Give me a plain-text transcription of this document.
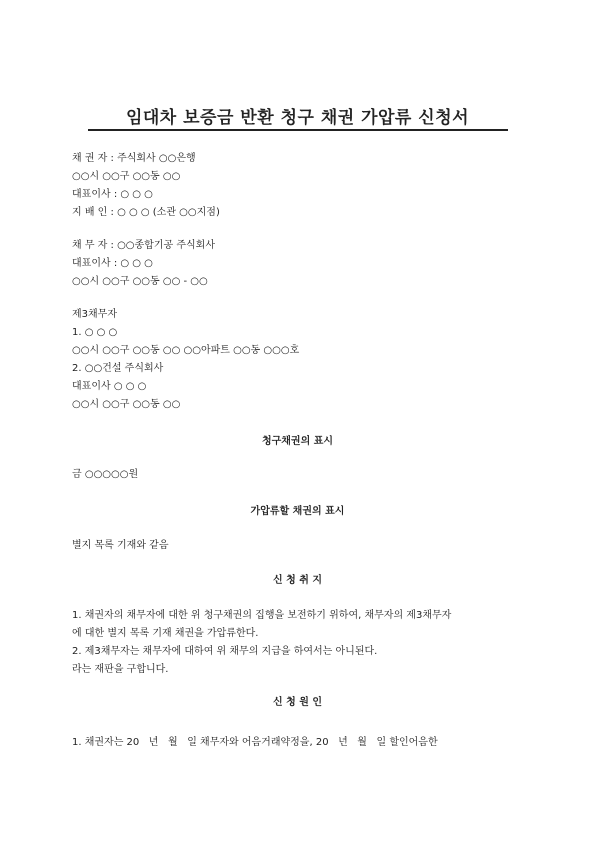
임대차 보증금 반환 청구 채권 가압류 신청서
채 권 자 : 주식회사 ○○은행
○○시 ○○구 ○○동 ○○
대표이사 : ○ ○ ○
지 배 인 : ○ ○ ○ (소관 ○○지점)
채 무 자 : ○○종합기공 주식회사
대표이사 : ○ ○ ○
○○시 ○○구 ○○동 ○○ - ○○
제3채무자
1. ○ ○ ○
○○시 ○○구 ○○동 ○○ ○○아파트 ○○동 ○○○호
2. ○○건설 주식회사
대표이사 ○ ○ ○
○○시 ○○구 ○○동 ○○
청구채권의 표시
금 ○○○○○원
가압류할 채권의 표시
별지 목록 기재와 같음
신 청 취 지
1. 채권자의 채무자에 대한 위 청구채권의 집행을 보전하기 위하여, 채무자의 제3채무자
에 대한 별지 목록 기재 채권을 가압류한다.
2. 제3채무자는 채무자에 대하여 위 채무의 지급을 하여서는 아니된다.
라는 재판을 구합니다.
신 청 원 인
1. 채권자는 20   년   월   일 채무자와 어음거래약정을, 20   년   월   일 할인어음한
